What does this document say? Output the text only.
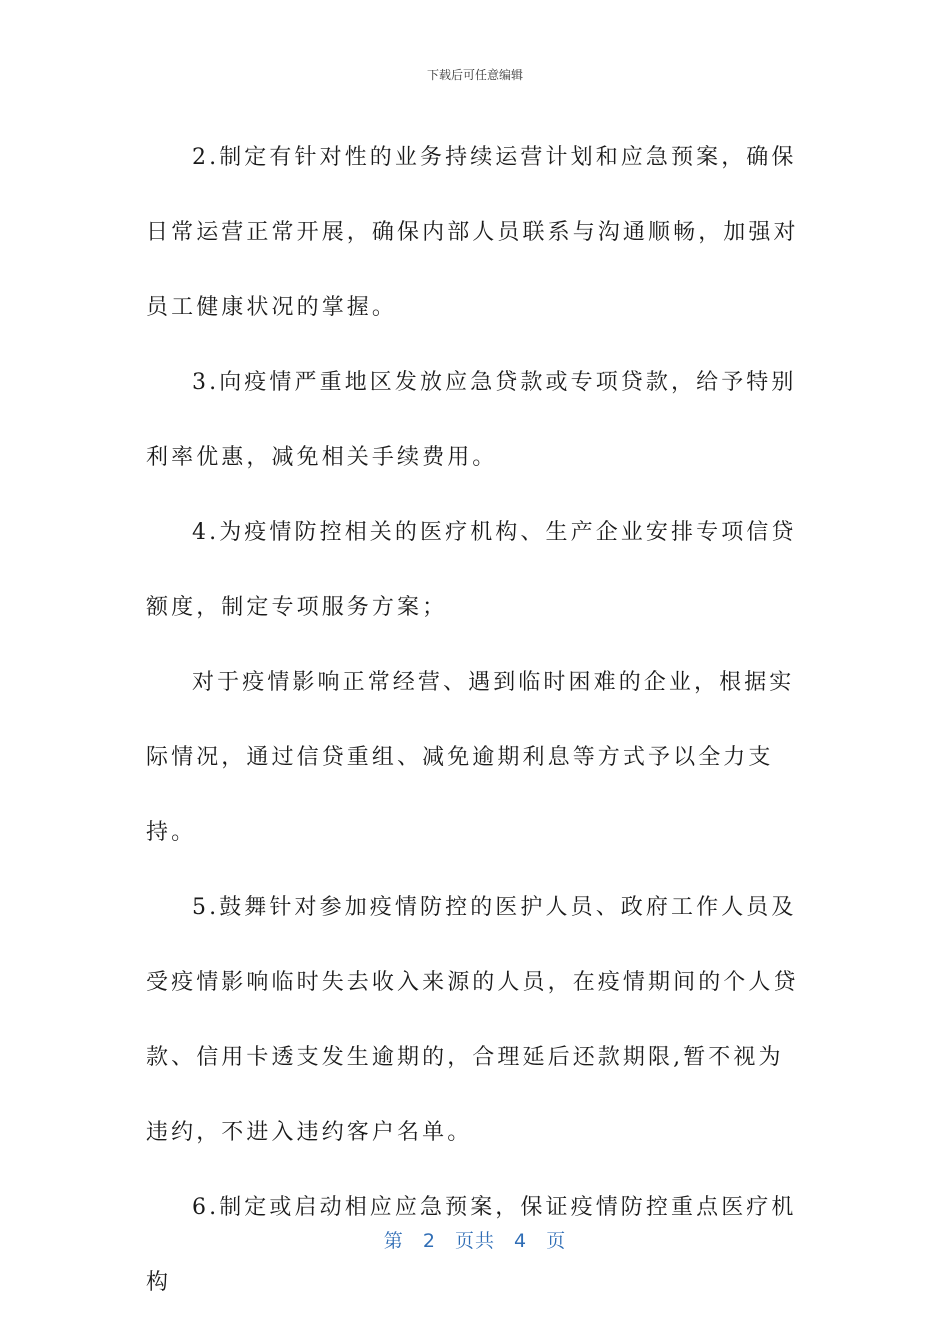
下载后可任意编辑

2.制定有针对性的业务持续运营计划和应急预案，确保日常运营正常开展，确保内部人员联系与沟通顺畅，加强对员工健康状况的掌握。

3.向疫情严重地区发放应急贷款或专项贷款，给予特别利率优惠，减免相关手续费用。

4.为疫情防控相关的医疗机构、生产企业安排专项信贷额度，制定专项服务方案；

对于疫情影响正常经营、遇到临时困难的企业，根据实际情况，通过信贷重组、减免逾期利息等方式予以全力支持。

5.鼓舞针对参加疫情防控的医护人员、政府工作人员及受疫情影响临时失去收入来源的人员，在疫情期间的个人贷款、信用卡透支发生逾期的，合理延后还款期限,暂不视为违约，不进入违约客户名单。

6.制定或启动相应应急预案，保证疫情防控重点医疗机构

第 2 页共 4 页
